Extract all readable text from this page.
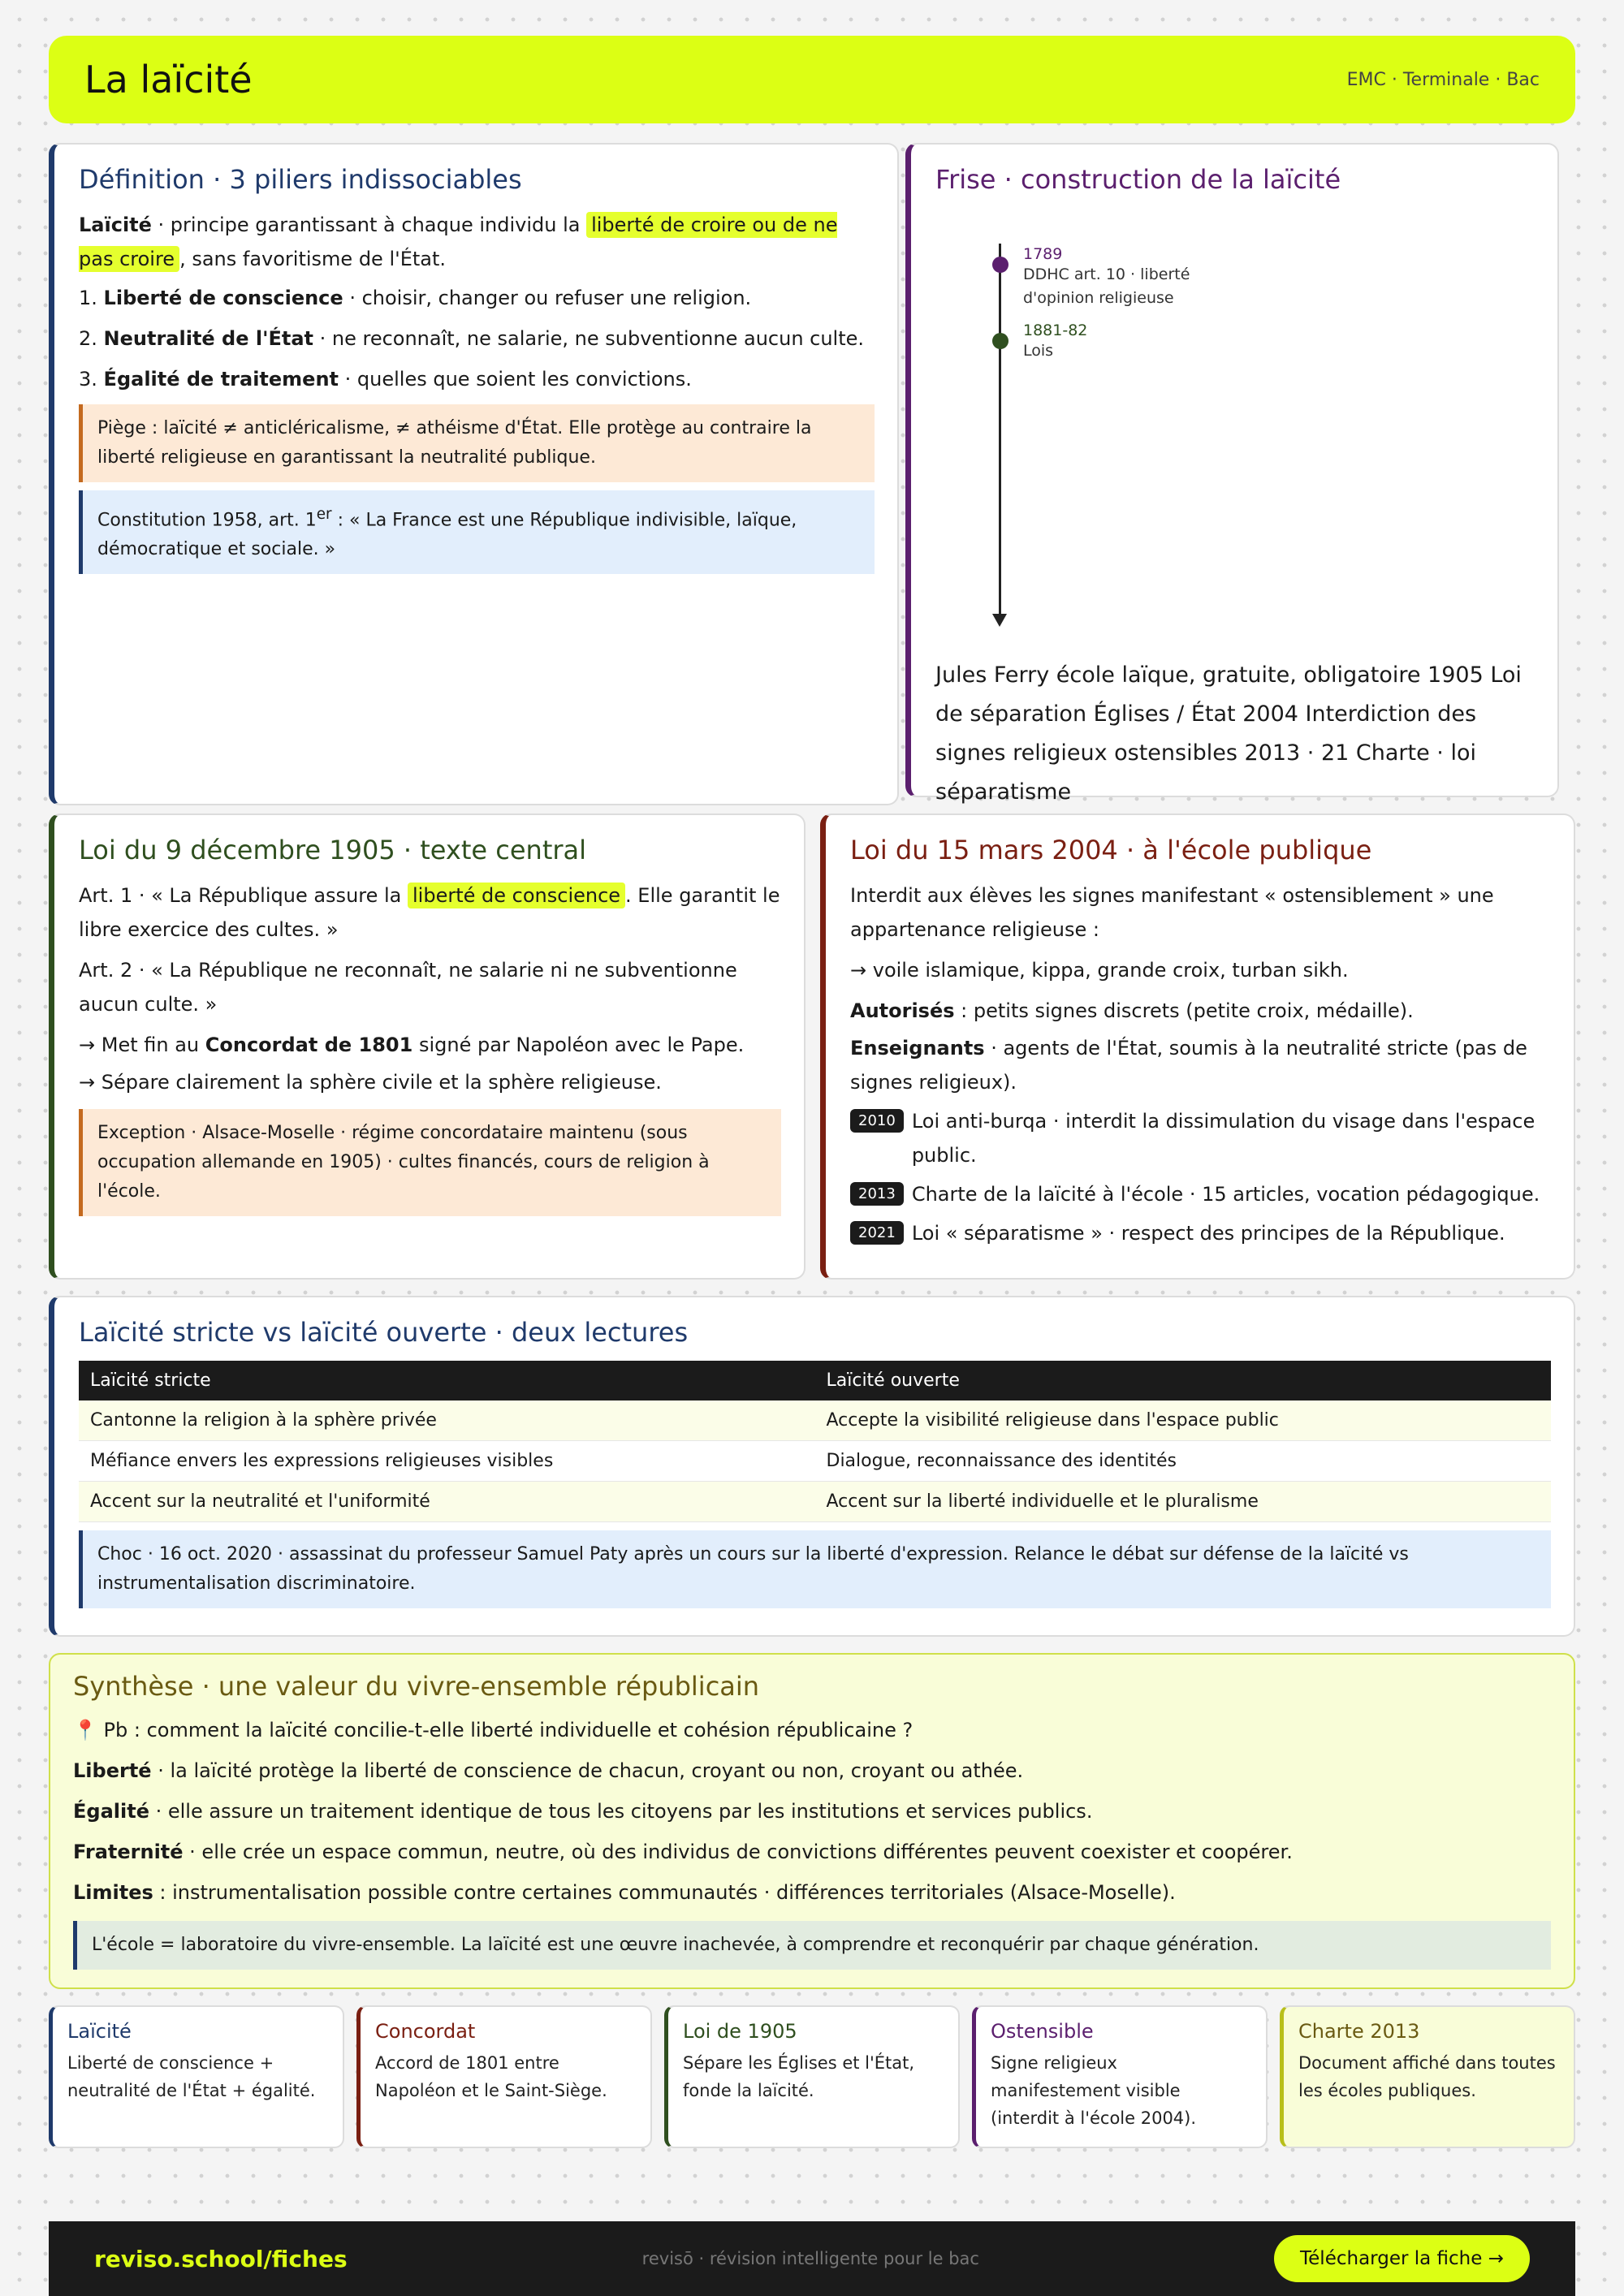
La laïcité	EMC · Terminale · Bac
Définition · 3 piliers indissociables

Laïcité · principe garantissant à chaque individu la liberté de croire ou de ne pas croire , sans favoritisme de l'État.

1. Liberté de conscience · choisir, changer ou refuser une religion.
2. Neutralité de l'État · ne reconnaît, ne salarie, ne subventionne aucun culte.
3. Égalité de traitement · quelles que soient les convictions.
Piège : laïcité ≠ anticléricalisme, ≠ athéisme d'État. Elle protège au contraire la liberté religieuse en garantissant la neutralité publique.
Constitution 1958, art. 1er : « La France est une République indivisible, laïque, démocratique et sociale. »
Frise · construction de la laïcité
Jules Ferry école laïque, gratuite, obligatoire 1905 Loi de séparation Églises / État 2004 Interdiction des signes religieux ostensibles 2013 · 21 Charte · loi séparatisme
1789
DDHC art. 10 · liberté d'opinion religieuse
1881-82
Lois
Loi du 9 décembre 1905 · texte central

Art. 1 · « La République assure la liberté de conscience . Elle garantit le libre exercice des cultes. »

Art. 2 · « La République ne reconnaît, ne salarie ni ne subventionne aucun culte. »

→ Met fin au Concordat de 1801 signé par Napoléon avec le Pape.

→ Sépare clairement la sphère civile et la sphère religieuse.

Exception · Alsace-Moselle · régime concordataire maintenu (sous occupation allemande en 1905) · cultes financés, cours de religion à l'école.
Loi du 15 mars 2004 · à l'école publique

Interdit aux élèves les signes manifestant « ostensiblement » une appartenance religieuse :

→ voile islamique, kippa, grande croix, turban sikh.

Autorisés : petits signes discrets (petite croix, médaille).

Enseignants · agents de l'État, soumis à la neutralité stricte (pas de signes religieux).

2010 Loi anti-burqa · interdit la dissimulation du visage dans l'espace public.

2013 Charte de la laïcité à l'école · 15 articles, vocation pédagogique.

2021 Loi « séparatisme » · respect des principes de la République.

Laïcité stricte vs laïcité ouverte · deux lectures
Laïcité stricte	Laïcité ouverte
Cantonne la religion à la sphère privée	Accepte la visibilité religieuse dans l'espace public
Méfiance envers les expressions religieuses visibles	Dialogue, reconnaissance des identités
Accent sur la neutralité et l'uniformité	Accent sur la liberté individuelle et le pluralisme
Choc · 16 oct. 2020 · assassinat du professeur Samuel Paty après un cours sur la liberté d'expression. Relance le débat sur défense de la laïcité vs instrumentalisation discriminatoire.
Synthèse · une valeur du vivre-ensemble républicain

📍 Pb : comment la laïcité concilie-t-elle liberté individuelle et cohésion républicaine ?

Liberté · la laïcité protège la liberté de conscience de chacun, croyant ou non, croyant ou athée.

Égalité · elle assure un traitement identique de tous les citoyens par les institutions et services publics.

Fraternité · elle crée un espace commun, neutre, où des individus de convictions différentes peuvent coexister et coopérer.

Limites : instrumentalisation possible contre certaines communautés · différences territoriales (Alsace-Moselle).

L'école = laboratoire du vivre-ensemble. La laïcité est une œuvre inachevée, à comprendre et reconquérir par chaque génération.
Laïcité
Liberté de conscience + neutralité de l'État + égalité.
Concordat
Accord de 1801 entre Napoléon et le Saint-Siège.
Loi de 1905
Sépare les Églises et l'État, fonde la laïcité.
Ostensible
Signe religieux manifestement visible (interdit à l'école 2004).
Charte 2013
Document affiché dans toutes les écoles publiques.
reviso.school/fiches	revisō · révision intelligente pour le bac	Télécharger la fiche →
